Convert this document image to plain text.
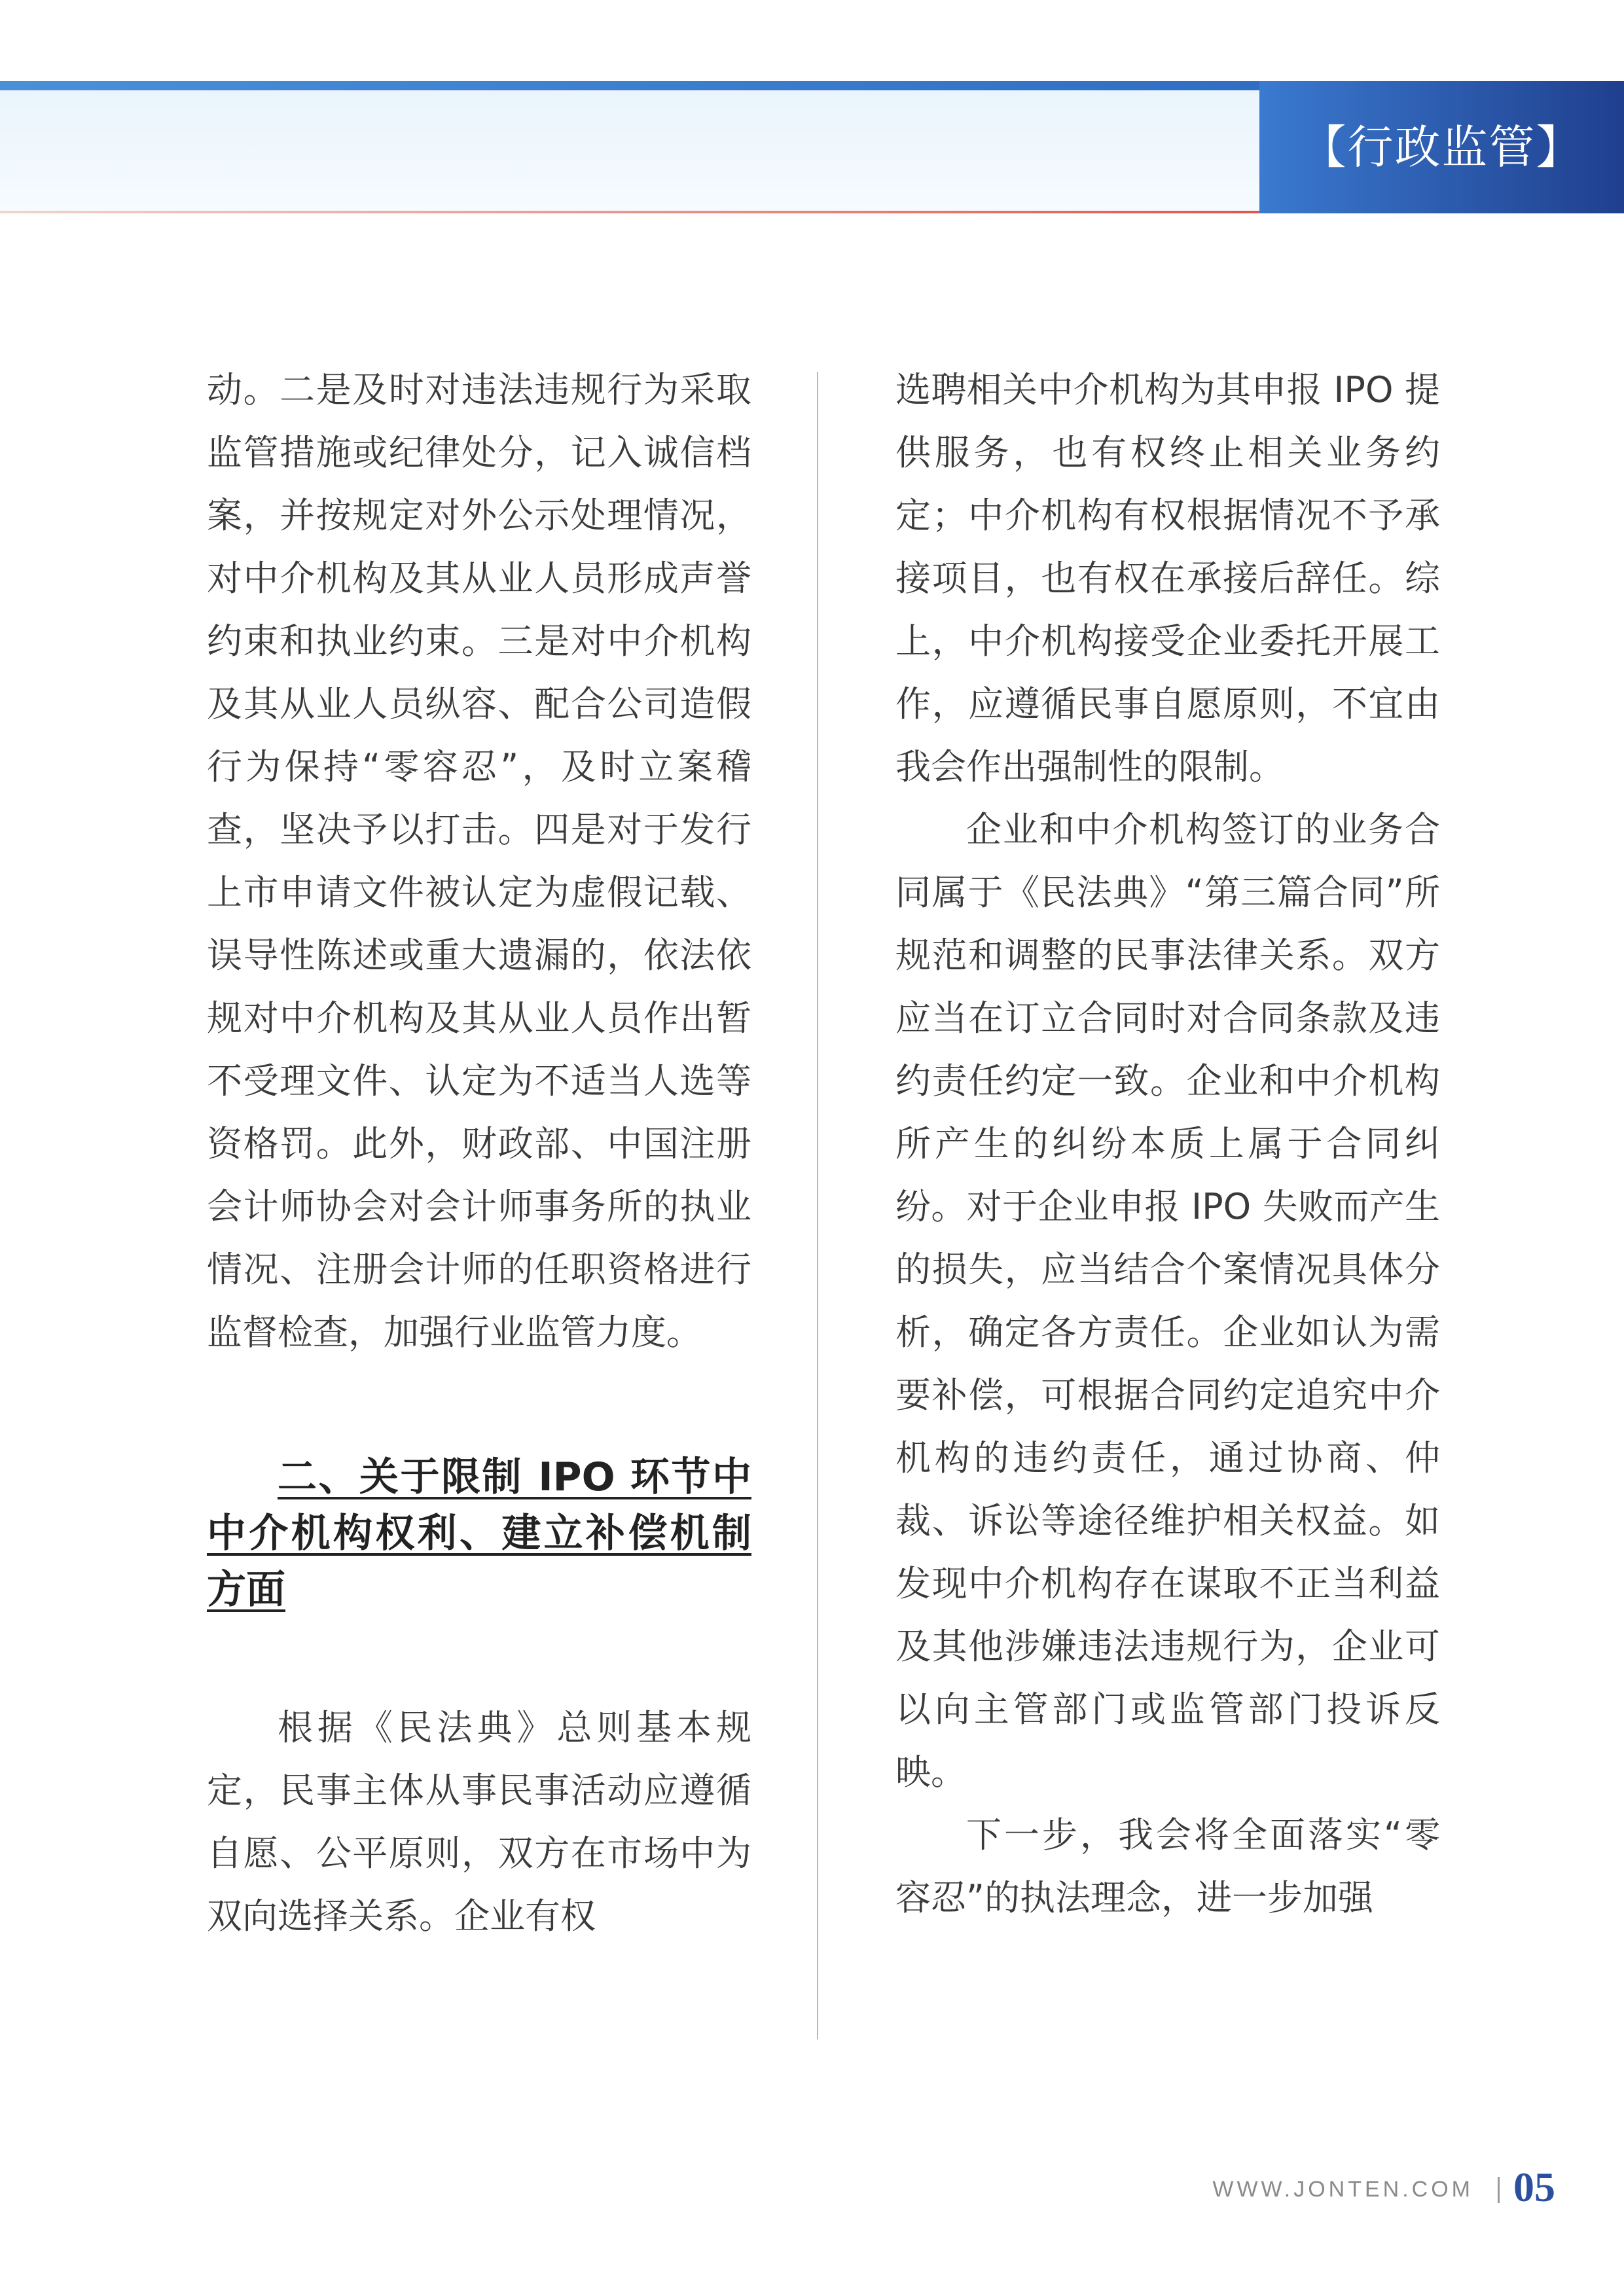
【行政监管】

动。二是及时对违法违规行为采取监管措施或纪律处分，记入诚信档案，并按规定对外公示处理情况，对中介机构及其从业人员形成声誉约束和执业约束。三是对中介机构及其从业人员纵容、配合公司造假行为保持“零容忍”，及时立案稽查，坚决予以打击。四是对于发行上市申请文件被认定为虚假记载、误导性陈述或重大遗漏的，依法依规对中介机构及其从业人员作出暂不受理文件、认定为不适当人选等资格罚。此外，财政部、中国注册会计师协会对会计师事务所的执业情况、注册会计师的任职资格进行监督检查，加强行业监管力度。

二、关于限制 IPO 环节中中介机构权利、建立补偿机制方面

根据《民法典》总则基本规定，民事主体从事民事活动应遵循自愿、公平原则，双方在市场中为双向选择关系。企业有权

选聘相关中介机构为其申报 IPO 提供服务，也有权终止相关业务约定；中介机构有权根据情况不予承接项目，也有权在承接后辞任。综上，中介机构接受企业委托开展工作，应遵循民事自愿原则，不宜由我会作出强制性的限制。

企业和中介机构签订的业务合同属于《民法典》“第三篇合同”所规范和调整的民事法律关系。双方应当在订立合同时对合同条款及违约责任约定一致。企业和中介机构所产生的纠纷本质上属于合同纠纷。对于企业申报 IPO 失败而产生的损失，应当结合个案情况具体分析，确定各方责任。企业如认为需要补偿，可根据合同约定追究中介机构的违约责任，通过协商、仲裁、诉讼等途径维护相关权益。如发现中介机构存在谋取不正当利益及其他涉嫌违法违规行为，企业可以向主管部门或监管部门投诉反映。

下一步，我会将全面落实“零容忍”的执法理念，进一步加强

WWW.JONTEN.COM 05
